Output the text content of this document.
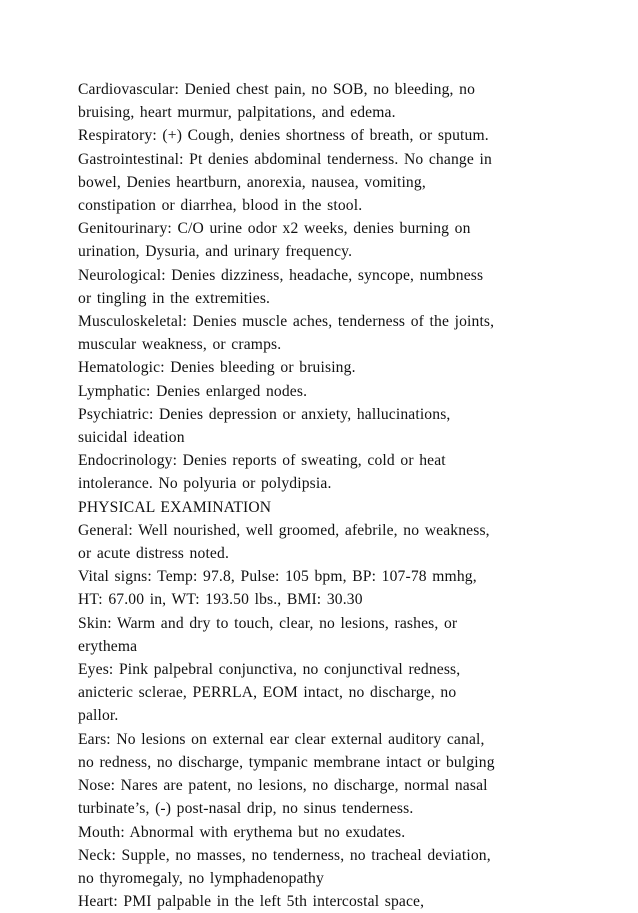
Cardiovascular: Denied chest pain, no SOB, no bleeding, no
bruising, heart murmur, palpitations, and edema.
Respiratory: (+) Cough, denies shortness of breath, or sputum.
Gastrointestinal: Pt denies abdominal tenderness. No change in
bowel, Denies heartburn, anorexia, nausea, vomiting,
constipation or diarrhea, blood in the stool.
Genitourinary: C/O urine odor x2 weeks, denies burning on
urination, Dysuria, and urinary frequency.
Neurological: Denies dizziness, headache, syncope, numbness
or tingling in the extremities.
Musculoskeletal: Denies muscle aches, tenderness of the joints,
muscular weakness, or cramps.
Hematologic: Denies bleeding or bruising.
Lymphatic: Denies enlarged nodes.
Psychiatric: Denies depression or anxiety, hallucinations,
suicidal ideation
Endocrinology: Denies reports of sweating, cold or heat
intolerance. No polyuria or polydipsia.
PHYSICAL EXAMINATION
General: Well nourished, well groomed, afebrile, no weakness,
or acute distress noted.
Vital signs: Temp: 97.8, Pulse: 105 bpm, BP: 107-78 mmhg,
HT: 67.00 in, WT: 193.50 lbs., BMI: 30.30
Skin: Warm and dry to touch, clear, no lesions, rashes, or
erythema
Eyes: Pink palpebral conjunctiva, no conjunctival redness,
anicteric sclerae, PERRLA, EOM intact, no discharge, no
pallor.
Ears: No lesions on external ear clear external auditory canal,
no redness, no discharge, tympanic membrane intact or bulging
Nose: Nares are patent, no lesions, no discharge, normal nasal
turbinate’s, (-) post-nasal drip, no sinus tenderness.
Mouth: Abnormal with erythema but no exudates.
Neck: Supple, no masses, no tenderness, no tracheal deviation,
no thyromegaly, no lymphadenopathy
Heart: PMI palpable in the left 5th intercostal space,
